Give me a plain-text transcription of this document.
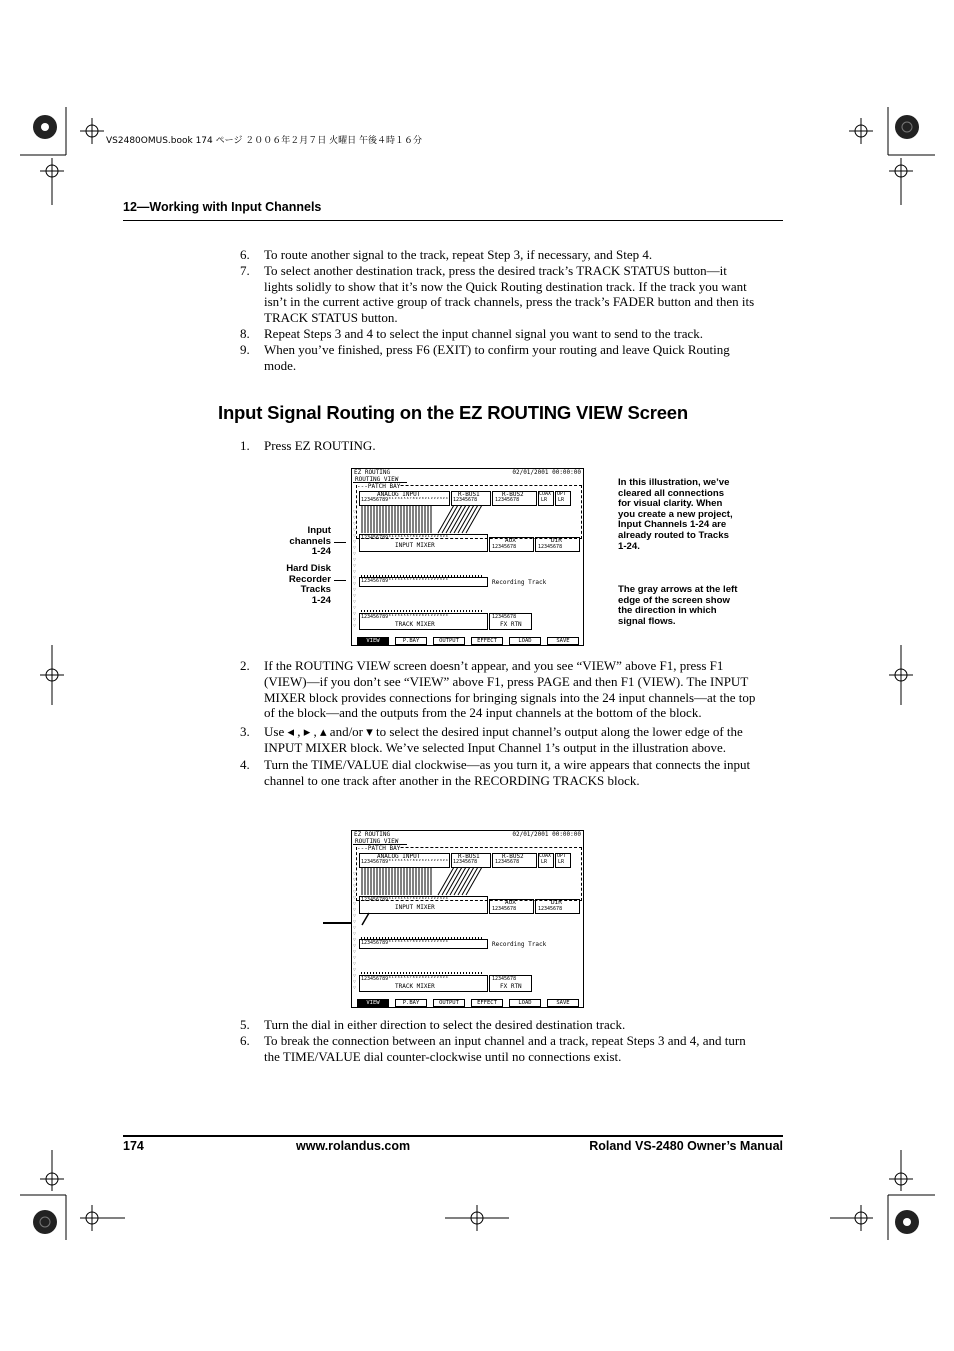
VS2480OMUS.book 174 ページ ２００６年２月７日 火曜日 午後４時１６分
12—Working with Input Channels
6. To route another signal to the track, repeat Step 3, if necessary, and Step 4.
7. To select another destination track, press the desired track’s TRACK STATUS button—it lights solidly to show that it’s now the Quick Routing destination track. If the track you want isn’t in the current active group of track channels, press the track’s FADER button and then its TRACK STATUS button.
8. Repeat Steps 3 and 4 to select the input channel signal you want to send to the track.
9. When you’ve finished, press F6 (EXIT) to confirm your routing and leave Quick Routing mode.
Input Signal Routing on the EZ ROUTING VIEW Screen
1. Press EZ ROUTING.
Input
channels
1-24
Hard Disk
Recorder
Tracks
1-24
In this illustration, we’ve cleared all connections for visual clarity. When you create a new project, Input Channels 1-24 are already routed to Tracks 1-24.
The gray arrows at the left edge of the screen show the direction in which signal flows.
EZ ROUTING	02/01/2001 00:00:00
ROUTING VIEW
---PATCH BAY
ANALOG INPUT
123456789⁰¹²³⁴⁵⁶⁷⁸⁹²⁰²¹²²²³²⁴
R-BUS1
12345678
R-BUS2
12345678
COAX
LR
OPT
LR
123456789⁰¹²³⁴⁵⁶⁷⁸⁹²⁰²¹²²²³²⁴
INPUT MIXER
AUX
12345678
DIR
12345678
123456789⁰¹²³⁴⁵⁶⁷⁸⁹²⁰²¹²²²³²⁴	Recording Track
123456789⁰¹²³⁴⁵⁶⁷⁸⁹²⁰²¹²²²³²⁴
TRACK MIXER
12345678
FX RTN
▽
▽
▽
▽
▽
▽
▽
▽
▽
▽
▽
▽
▽
▽
▽
▽
▽
▽
▽
▽
VIEW	P.BAY	OUTPUT	EFFECT	LOAD	SAVE
2. If the ROUTING VIEW screen doesn’t appear, and you see “VIEW” above F1, press F1 (VIEW)—if you don’t see “VIEW” above F1, press PAGE and then F1 (VIEW). The INPUT MIXER block provides connections for bringing signals into the 24 input channels—at the top of the block—and the outputs from the 24 input channels at the bottom of the block.
3. Use ◂ , ▸ , ▴ and/or ▾ to select the desired input channel’s output along the lower edge of the INPUT MIXER block. We’ve selected Input Channel 1’s output in the illustration above.
4. Turn the TIME/VALUE dial clockwise—as you turn it, a wire appears that connects the input channel to one track after another in the RECORDING TRACKS block.
EZ ROUTING	02/01/2001 00:00:00
ROUTING VIEW
---PATCH BAY
ANALOG INPUT
123456789⁰¹²³⁴⁵⁶⁷⁸⁹²⁰²¹²²²³²⁴
R-BUS1
12345678
R-BUS2
12345678
COAX
LR
OPT
LR
123456789⁰¹²³⁴⁵⁶⁷⁸⁹²⁰²¹²²²³²⁴
INPUT MIXER
AUX
12345678
DIR
12345678
123456789⁰¹²³⁴⁵⁶⁷⁸⁹²⁰²¹²²²³²⁴	Recording Track
123456789⁰¹²³⁴⁵⁶⁷⁸⁹²⁰²¹²²²³²⁴
TRACK MIXER
12345678
FX RTN
▽
▽
▽
▽
▽
▽
▽
▽
▽
▽
▽
▽
▽
▽
▽
▽
▽
▽
▽
▽
VIEW	P.BAY	OUTPUT	EFFECT	LOAD	SAVE
5. Turn the dial in either direction to select the desired destination track.
6. To break the connection between an input channel and a track, repeat Steps 3 and 4, and turn the TIME/VALUE dial counter-clockwise until no connections exist.
174	www.rolandus.com	Roland VS-2480 Owner’s Manual
